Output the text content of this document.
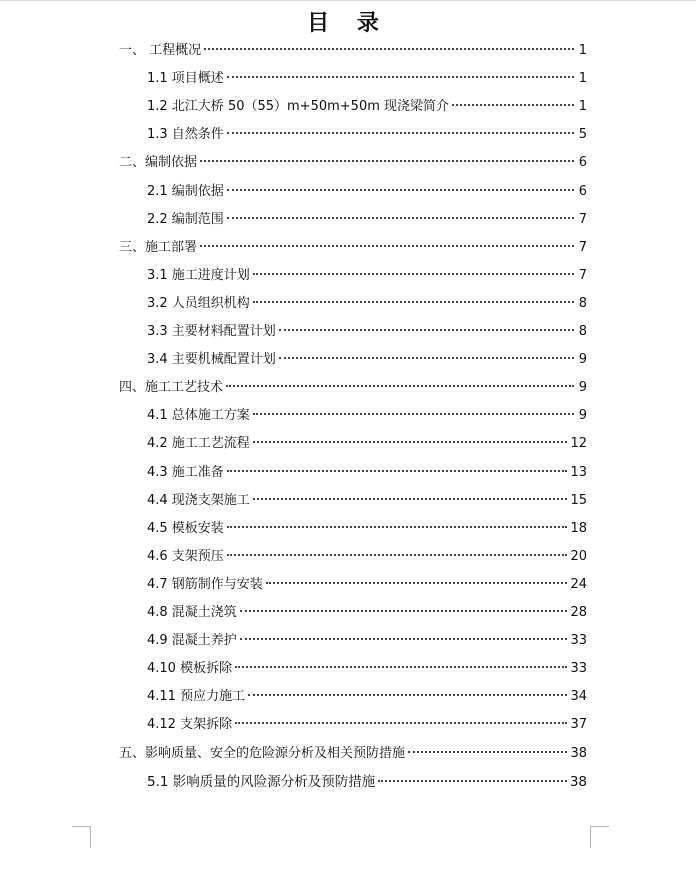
目 录
一、 工程概况	1
1.1 项目概述	1
1.2 北江大桥 50（55）m+50m+50m 现浇梁简介	1
1.3 自然条件	5
二、编制依据	6
2.1 编制依据	6
2.2 编制范围	7
三、施工部署	7
3.1 施工进度计划	7
3.2 人员组织机构	8
3.3 主要材料配置计划	8
3.4 主要机械配置计划	9
四、施工工艺技术	9
4.1 总体施工方案	9
4.2 施工工艺流程	12
4.3 施工准备	13
4.4 现浇支架施工	15
4.5 模板安装	18
4.6 支架预压	20
4.7 钢筋制作与安装	24
4.8 混凝土浇筑	28
4.9 混凝土养护	33
4.10 模板拆除	33
4.11 预应力施工	34
4.12 支架拆除	37
五、影响质量、安全的危险源分析及相关预防措施	38
5.1 影响质量的风险源分析及预防措施	38
